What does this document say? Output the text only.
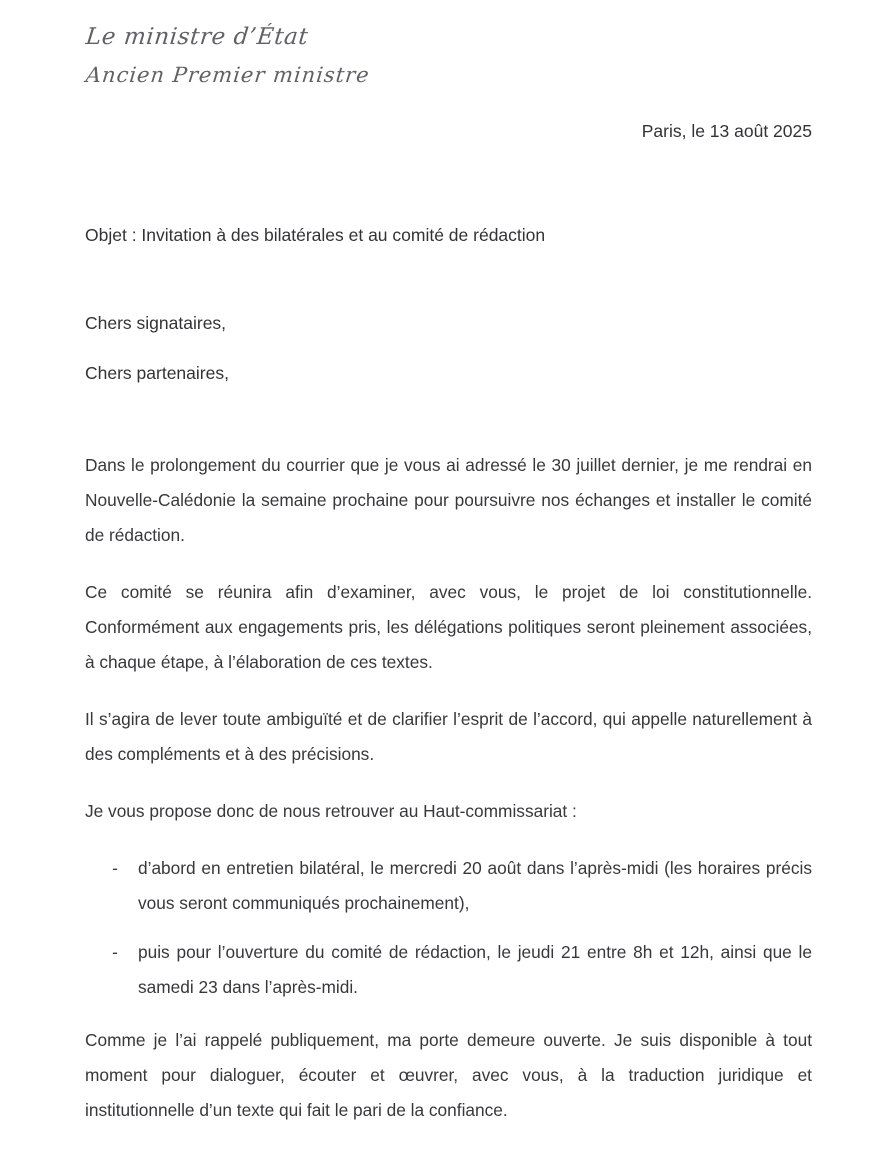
Le ministre d’État
Ancien Premier ministre
Paris, le 13 août 2025
Objet : Invitation à des bilatérales et au comité de rédaction

Chers signataires,

Chers partenaires,

Dans le prolongement du courrier que je vous ai adressé le 30 juillet dernier, je me rendrai en Nouvelle-Calédonie la semaine prochaine pour poursuivre nos échanges et installer le comité de rédaction.

Ce comité se réunira afin d’examiner, avec vous, le projet de loi constitutionnelle. Conformément aux engagements pris, les délégations politiques seront pleinement associées, à chaque étape, à l’élaboration de ces textes.

Il s’agira de lever toute ambiguïté et de clarifier l’esprit de l’accord, qui appelle naturellement à des compléments et à des précisions.

Je vous propose donc de nous retrouver au Haut-commissariat :

- d’abord en entretien bilatéral, le mercredi 20 août dans l’après-midi (les horaires précis vous seront communiqués prochainement),
- puis pour l’ouverture du comité de rédaction, le jeudi 21 entre 8h et 12h, ainsi que le samedi 23 dans l’après-midi.

Comme je l’ai rappelé publiquement, ma porte demeure ouverte. Je suis disponible à tout moment pour dialoguer, écouter et œuvrer, avec vous, à la traduction juridique et institutionnelle d’un texte qui fait le pari de la confiance.
